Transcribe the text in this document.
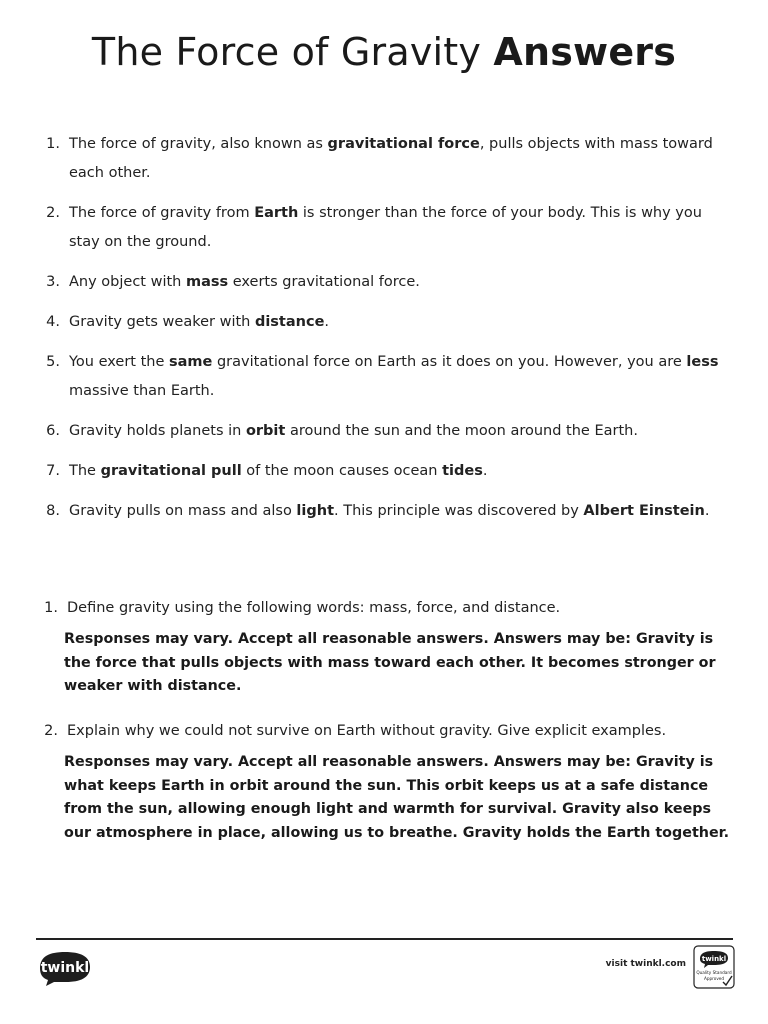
The Force of Gravity Answers
1. The force of gravity, also known as gravitational force, pulls objects with mass toward each other.
2. The force of gravity from Earth is stronger than the force of your body. This is why you stay on the ground.
3. Any object with mass exerts gravitational force.
4. Gravity gets weaker with distance.
5. You exert the same gravitational force on Earth as it does on you. However, you are less massive than Earth.
6. Gravity holds planets in orbit around the sun and the moon around the Earth.
7. The gravitational pull of the moon causes ocean tides.
8. Gravity pulls on mass and also light. This principle was discovered by Albert Einstein.
1. Define gravity using the following words: mass, force, and distance.
Responses may vary. Accept all reasonable answers. Answers may be: Gravity is the force that pulls objects with mass toward each other. It becomes stronger or weaker with distance.
2. Explain why we could not survive on Earth without gravity. Give explicit examples.
Responses may vary. Accept all reasonable answers. Answers may be: Gravity is what keeps Earth in orbit around the sun. This orbit keeps us at a safe distance from the sun, allowing enough light and warmth for survival. Gravity also keeps our atmosphere in place, allowing us to breathe. Gravity holds the Earth together.
twinkl	visit twinkl.com twinkl
Quality Standard
Approved
